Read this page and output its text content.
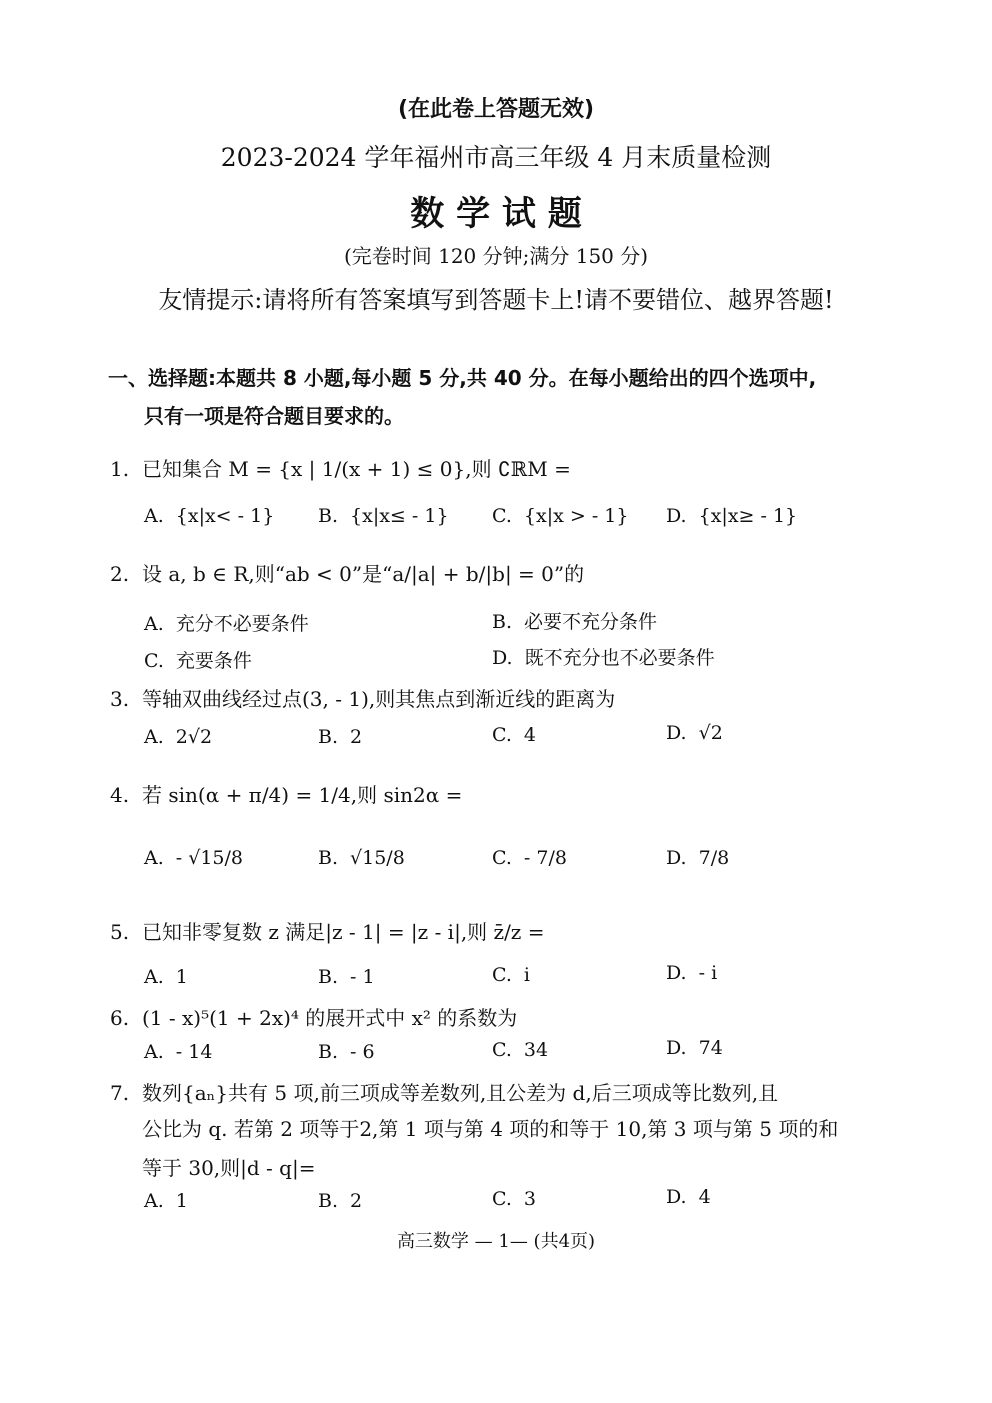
(在此卷上答题无效)
2023-2024 学年福州市高三年级 4 月末质量检测
数 学 试 题
(完卷时间 120 分钟;满分 150 分)
友情提示:请将所有答案填写到答题卡上!请不要错位、越界答题!
一、选择题:本题共 8 小题,每小题 5 分,共 40 分。在每小题给出的四个选项中,
只有一项是符合题目要求的。
1. 已知集合 M = {x | 1/(x + 1) ≤ 0},则 ∁ℝM =
A. {x|x< - 1} B. {x|x≤ - 1} C. {x|x > - 1} D. {x|x≥ - 1}
2. 设 a, b ∈ R,则“ab < 0”是“a/|a| + b/|b| = 0”的
A. 充分不必要条件	B. 必要不充分条件
C. 充要条件	D. 既不充分也不必要条件
3. 等轴双曲线经过点(3, - 1),则其焦点到渐近线的距离为
A. 2√2	B. 2	C. 4	D. √2
4. 若 sin(α + π/4) = 1/4,则 sin2α =
A. - √15/8	B. √15/8	C. - 7/8	D. 7/8
5. 已知非零复数 z 满足|z - 1| = |z - i|,则 z̄/z =
A. 1	B. - 1	C. i	D. - i
6. (1 - x)⁵(1 + 2x)⁴ 的展开式中 x² 的系数为
A. - 14	B. - 6	C. 34	D. 74
7. 数列{aₙ}共有 5 项,前三项成等差数列,且公差为 d,后三项成等比数列,且
公比为 q. 若第 2 项等于2,第 1 项与第 4 项的和等于 10,第 3 项与第 5 项的和
等于 30,则|d - q|=
A. 1	B. 2	C. 3	D. 4
高三数学 — 1— (共4页)
